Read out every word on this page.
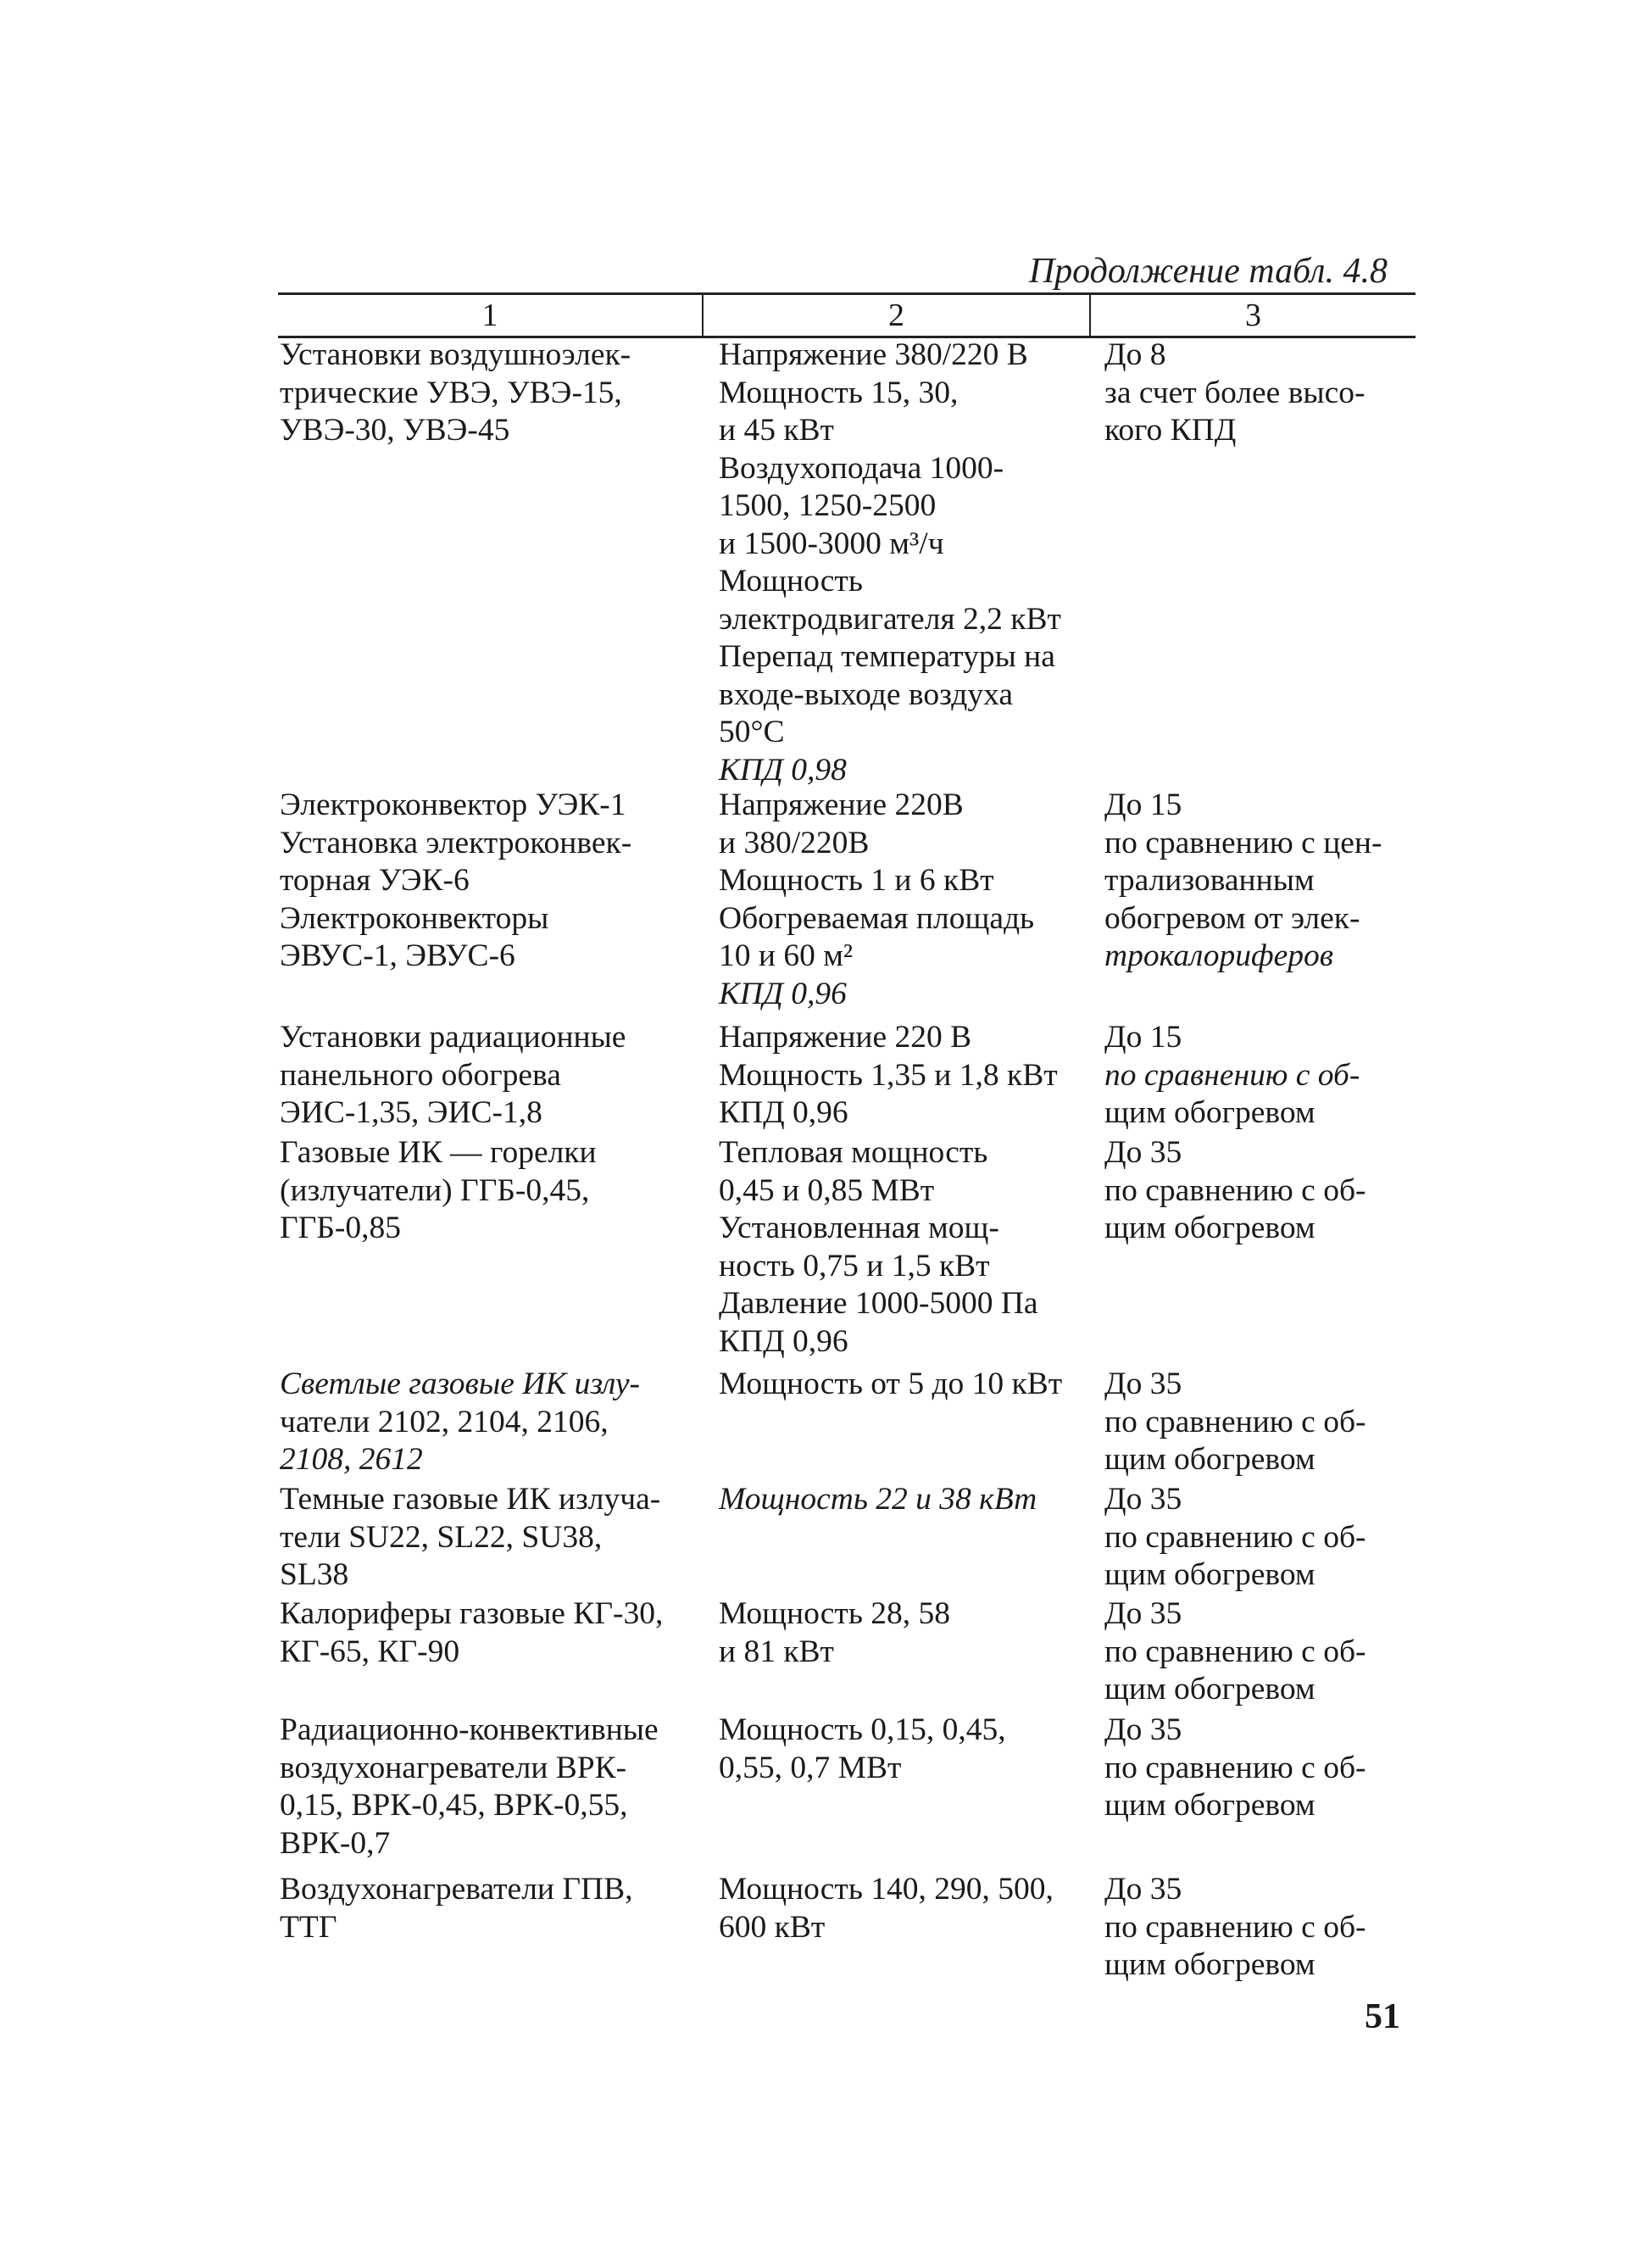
Продолжение табл. 4.8
1	2	3
Установки воздушноэлек-
трические УВЭ, УВЭ-15,
УВЭ-30, УВЭ-45
Напряжение 380/220 В
Мощность 15, 30,
и 45 кВт
Воздухоподача 1000-
1500, 1250-2500
и 1500-3000 м³/ч
Мощность
электродвигателя 2,2 кВт
Перепад температуры на
входе-выходе воздуха
50°С
КПД 0,98
До 8
за счет более высо-
кого КПД
Электроконвектор УЭК-1
Установка электроконвек-
торная УЭК-6
Электроконвекторы
ЭВУС-1, ЭВУС-6
Напряжение 220В
и 380/220В
Мощность 1 и 6 кВт
Обогреваемая площадь
10 и 60 м²
КПД 0,96
До 15
по сравнению с цен-
трализованным
обогревом от элек-
трокалориферов
Установки радиационные
панельного обогрева
ЭИС-1,35, ЭИС-1,8
Напряжение 220 В
Мощность 1,35 и 1,8 кВт
КПД 0,96
До 15
по сравнению с об-
щим обогревом
Газовые ИК — горелки
(излучатели) ГГБ-0,45,
ГГБ-0,85
Тепловая мощность
0,45 и 0,85 МВт
Установленная мощ-
ность 0,75 и 1,5 кВт
Давление 1000-5000 Па
КПД 0,96
До 35
по сравнению с об-
щим обогревом
Светлые газовые ИК излу-
чатели 2102, 2104, 2106,
2108, 2612
Мощность от 5 до 10 кВт До 35
по сравнению с об-
щим обогревом
Темные газовые ИК излуча-
тели SU22, SL22, SU38,
SL38
Мощность 22 и 38 кВт До 35
по сравнению с об-
щим обогревом
Калориферы газовые КГ-30,
КГ-65, КГ-90
Мощность 28, 58
и 81 кВт
До 35
по сравнению с об-
щим обогревом
Радиационно-конвективные
воздухонагреватели ВРК-
0,15, ВРК-0,45, ВРК-0,55,
ВРК-0,7
Мощность 0,15, 0,45,
0,55, 0,7 МВт
До 35
по сравнению с об-
щим обогревом
Воздухонагреватели ГПВ,
ТТГ
Мощность 140, 290, 500,
600 кВт
До 35
по сравнению с об-
щим обогревом
51
